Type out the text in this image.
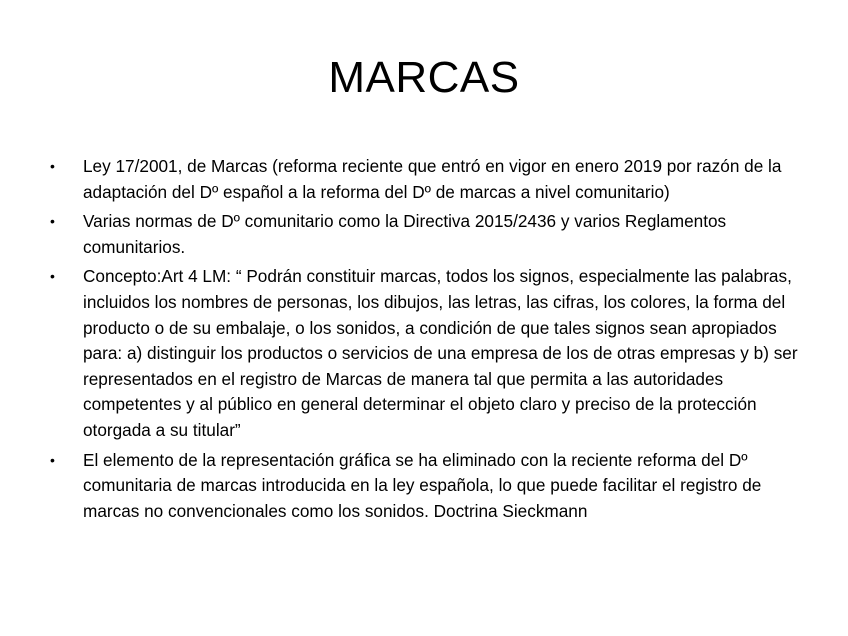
MARCAS
• Ley 17/2001, de Marcas (reforma reciente que entró en vigor en enero 2019 por razón de la adaptación del Dº español a la reforma del Dº de marcas a nivel comunitario)
• Varias normas de Dº comunitario como la Directiva 2015/2436 y varios Reglamentos comunitarios.
• Concepto:Art 4 LM: “ Podrán constituir marcas, todos los signos, especialmente las palabras, incluidos los nombres de personas, los dibujos, las letras, las cifras, los colores, la forma del producto o de su embalaje, o los sonidos, a condición de que tales signos sean apropiados para: a) distinguir los productos o servicios de una empresa de los de otras empresas y b) ser representados en el registro de Marcas de manera tal que permita a las autoridades competentes y al público en general determinar el objeto claro y preciso de la protección otorgada a su titular”
• El elemento de la representación gráfica se ha eliminado con la reciente reforma del Dº comunitaria de marcas introducida en la ley española, lo que puede facilitar el registro de marcas no convencionales como los sonidos. Doctrina Sieckmann
